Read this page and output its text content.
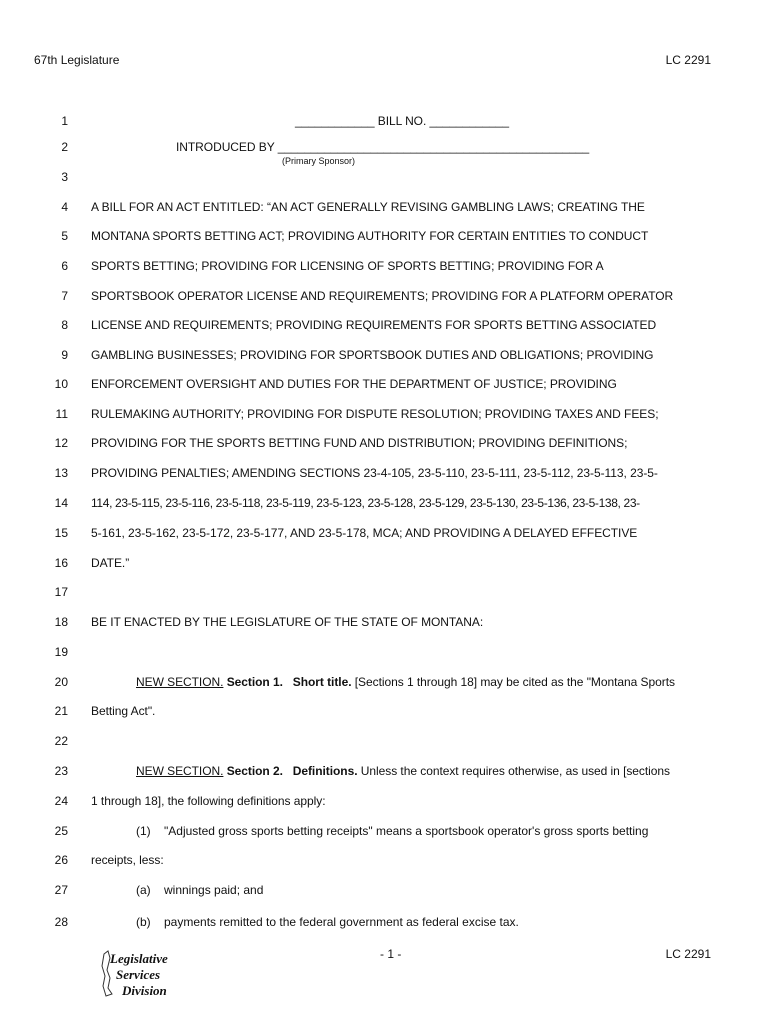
67th Legislature	LC 2291
1	____________ BILL NO. ____________
2	INTRODUCED BY _______________________________________________
(Primary Sponsor)
3
4 A BILL FOR AN ACT ENTITLED: “AN ACT GENERALLY REVISING GAMBLING LAWS; CREATING THE
5 MONTANA SPORTS BETTING ACT; PROVIDING AUTHORITY FOR CERTAIN ENTITIES TO CONDUCT
6 SPORTS BETTING; PROVIDING FOR LICENSING OF SPORTS BETTING; PROVIDING FOR A
7 SPORTSBOOK OPERATOR LICENSE AND REQUIREMENTS; PROVIDING FOR A PLATFORM OPERATOR
8 LICENSE AND REQUIREMENTS; PROVIDING REQUIREMENTS FOR SPORTS BETTING ASSOCIATED
9 GAMBLING BUSINESSES; PROVIDING FOR SPORTSBOOK DUTIES AND OBLIGATIONS; PROVIDING
10 ENFORCEMENT OVERSIGHT AND DUTIES FOR THE DEPARTMENT OF JUSTICE; PROVIDING
11 RULEMAKING AUTHORITY; PROVIDING FOR DISPUTE RESOLUTION; PROVIDING TAXES AND FEES;
12 PROVIDING FOR THE SPORTS BETTING FUND AND DISTRIBUTION; PROVIDING DEFINITIONS;
13 PROVIDING PENALTIES; AMENDING SECTIONS 23-4-105, 23-5-110, 23-5-111, 23-5-112, 23-5-113, 23-5-
14 114, 23-5-115, 23-5-116, 23-5-118, 23-5-119, 23-5-123, 23-5-128, 23-5-129, 23-5-130, 23-5-136, 23-5-138, 23-
15 5-161, 23-5-162, 23-5-172, 23-5-177, AND 23-5-178, MCA; AND PROVIDING A DELAYED EFFECTIVE
16 DATE.”
17
18 BE IT ENACTED BY THE LEGISLATURE OF THE STATE OF MONTANA:
19
20	NEW SECTION. Section 1. Short title. [Sections 1 through 18] may be cited as the "Montana Sports
21 Betting Act".
22
23	NEW SECTION. Section 2. Definitions. Unless the context requires otherwise, as used in [sections
24 1 through 18], the following definitions apply:
25	(1) "Adjusted gross sports betting receipts" means a sportsbook operator's gross sports betting
26 receipts, less:
27	(a) winnings paid; and
28	(b) payments remitted to the federal government as federal excise tax.
- 1 -	LC 2291
Legislative
Services
Division
